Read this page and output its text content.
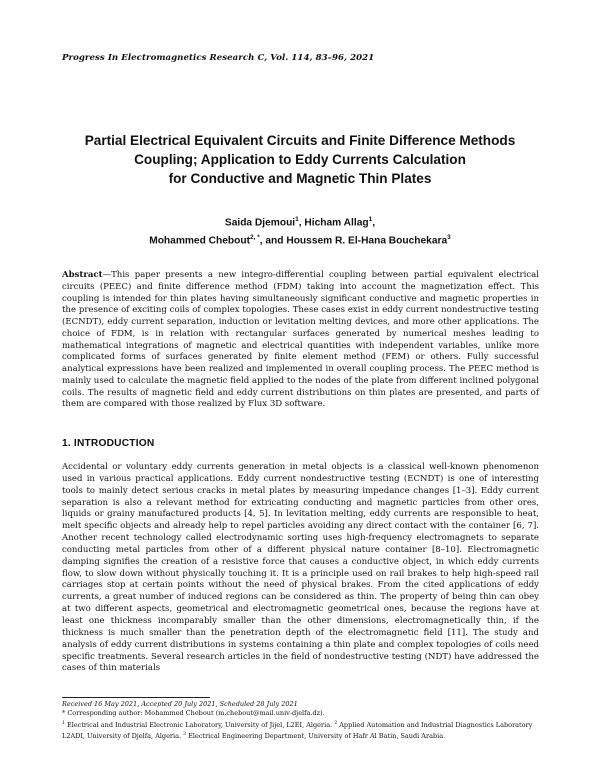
Progress In Electromagnetics Research C, Vol. 114, 83–96, 2021
Partial Electrical Equivalent Circuits and Finite Difference Methods
Coupling; Application to Eddy Currents Calculation
for Conductive and Magnetic Thin Plates
Saida Djemoui$^1$, Hicham Allag$^1$,
Mohammed Chebout$^{2, *}$, and Houssem R. El-Hana Bouchekara$^3$

Abstract—This paper presents a new integro-differential coupling between partial equivalent electrical circuits (PEEC) and finite difference method (FDM) taking into account the magnetization effect. This coupling is intended for thin plates having simultaneously significant conductive and magnetic properties in the presence of exciting coils of complex topologies. These cases exist in eddy current nondestructive testing (ECNDT), eddy current separation, induction or levitation melting devices, and more other applications. The choice of FDM, is in relation with rectangular surfaces generated by numerical meshes leading to mathematical integrations of magnetic and electrical quantities with independent variables, unlike more complicated forms of surfaces generated by finite element method (FEM) or others. Fully successful analytical expressions have been realized and implemented in overall coupling process. The PEEC method is mainly used to calculate the magnetic field applied to the nodes of the plate from different inclined polygonal coils. The results of magnetic field and eddy current distributions on thin plates are presented, and parts of them are compared with those realized by Flux 3D software.

1. INTRODUCTION

Accidental or voluntary eddy currents generation in metal objects is a classical well-known phenomenon used in various practical applications. Eddy current nondestructive testing (ECNDT) is one of interesting tools to mainly detect serious cracks in metal plates by measuring impedance changes [1–3]. Eddy current separation is also a relevant method for extricating conducting and magnetic particles from other ores, liquids or grainy manufactured products [4, 5]. In levitation melting, eddy currents are responsible to heat, melt specific objects and already help to repel particles avoiding any direct contact with the container [6, 7]. Another recent technology called electrodynamic sorting uses high-frequency electromagnets to separate conducting metal particles from other of a different physical nature container [8–10]. Electromagnetic damping signifies the creation of a resistive force that causes a conductive object, in which eddy currents flow, to slow down without physically touching it. It is a principle used on rail brakes to help high-speed rail carriages stop at certain points without the need of physical brakes. From the cited applications of eddy currents, a great number of induced regions can be considered as thin. The property of being thin can obey at two different aspects, geometrical and electromagnetic geometrical ones, because the regions have at least one thickness incomparably smaller than the other dimensions, electromagnetically thin, if the thickness is much smaller than the penetration depth of the electromagnetic field [11]. The study and analysis of eddy current distributions in systems containing a thin plate and complex topologies of coils need specific treatments. Several research articles in the field of nondestructive testing (NDT) have addressed the cases of thin materials

Received 16 May 2021, Accepted 20 July 2021, Scheduled 28 July 2021
* Corresponding author: Mohammed Chebout (m.chebout@mail.univ-djelfa.dz).
$^1$ Electrical and Industrial Electronic Laboratory, University of Jijel, L2EI, Algeria. $^2$ Applied Automation and Industrial Diagnostics Laboratory L2ADI, University of Djelfa, Algeria. $^3$ Electrical Engineering Department, University of Hafr Al Batin, Saudi Arabia.
